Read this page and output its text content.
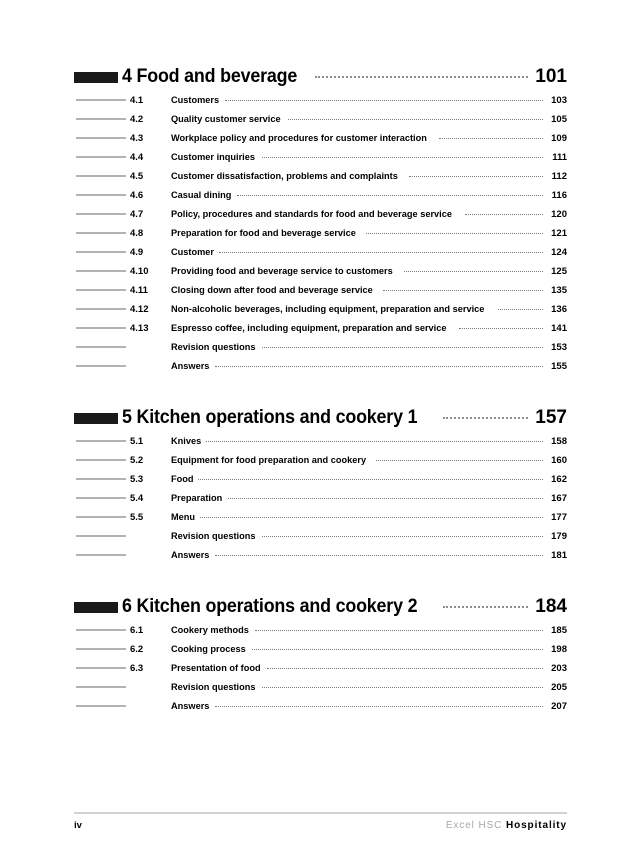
4 Food and beverage	101
4.1	Customers	103
4.2	Quality customer service	105
4.3	Workplace policy and procedures for customer interaction	109
4.4	Customer inquiries	111
4.5	Customer dissatisfaction, problems and complaints	112
4.6	Casual dining	116
4.7	Policy, procedures and standards for food and beverage service	120
4.8	Preparation for food and beverage service	121
4.9	Customer	124
4.10	Providing food and beverage service to customers	125
4.11	Closing down after food and beverage service	135
4.12	Non-alcoholic beverages, including equipment, preparation and service	136
4.13	Espresso coffee, including equipment, preparation and service	141
Revision questions	153
Answers	155
5 Kitchen operations and cookery 1	157
5.1	Knives	158
5.2	Equipment for food preparation and cookery	160
5.3	Food	162
5.4	Preparation	167
5.5	Menu	177
Revision questions	179
Answers	181
6 Kitchen operations and cookery 2	184
6.1	Cookery methods	185
6.2	Cooking process	198
6.3	Presentation of food	203
Revision questions	205
Answers	207
iv	Excel HSC Hospitality
